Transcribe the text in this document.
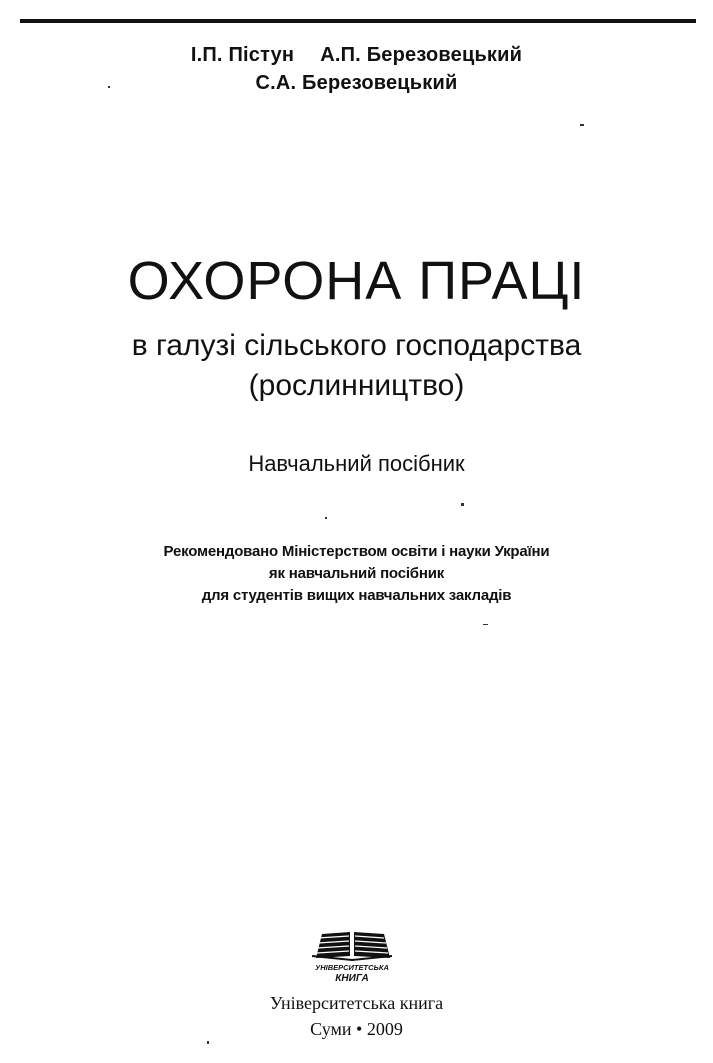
І.П. Пістун А.П. Березовецький
С.А. Березовецький
ОХОРОНА ПРАЦІ
в галузі сільського господарства
(рослинництво)
Навчальний посібник
Рекомендовано Міністерством освіти і науки України
як навчальний посібник
для студентів вищих навчальних закладів
УНІВЕРСИТЕТСЬКА
КНИГА
Університетська книга
Суми • 2009
